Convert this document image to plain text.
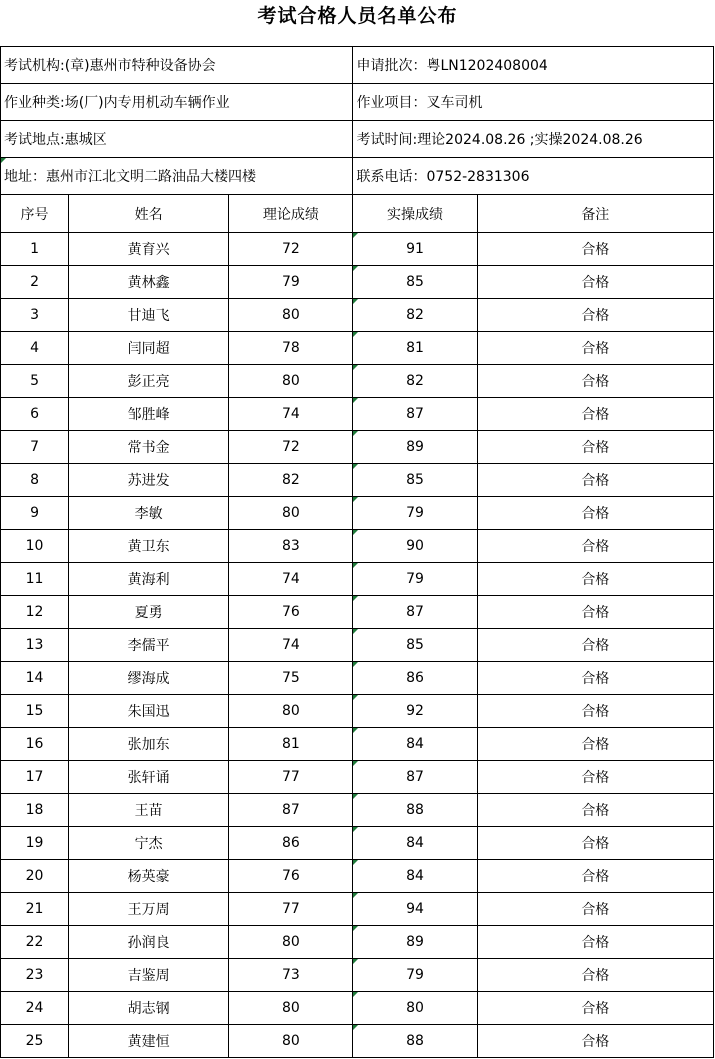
考试合格人员名单公布
考试机构:(章)惠州市特种设备协会			申请批次：粤LN1202408004	
作业种类:场(厂)内专用机动车辆作业			作业项目：叉车司机	
考试地点:惠城区			考试时间:理论2024.08.26 ;实操2024.08.26	
地址：惠州市江北文明二路油品大楼四楼			联系电话：0752-2831306	
序号	姓名	理论成绩	实操成绩	备注
1	黄育兴	72	91	合格
2	黄林鑫	79	85	合格
3	甘迪飞	80	82	合格
4	闫同超	78	81	合格
5	彭正亮	80	82	合格
6	邹胜峰	74	87	合格
7	常书金	72	89	合格
8	苏进发	82	85	合格
9	李敏	80	79	合格
10	黄卫东	83	90	合格
11	黄海利	74	79	合格
12	夏勇	76	87	合格
13	李儒平	74	85	合格
14	缪海成	75	86	合格
15	朱国迅	80	92	合格
16	张加东	81	84	合格
17	张轩诵	77	87	合格
18	王苗	87	88	合格
19	宁杰	86	84	合格
20	杨英豪	76	84	合格
21	王万周	77	94	合格
22	孙润良	80	89	合格
23	吉鉴周	73	79	合格
24	胡志钢	80	80	合格
25	黄建恒	80	88	合格
